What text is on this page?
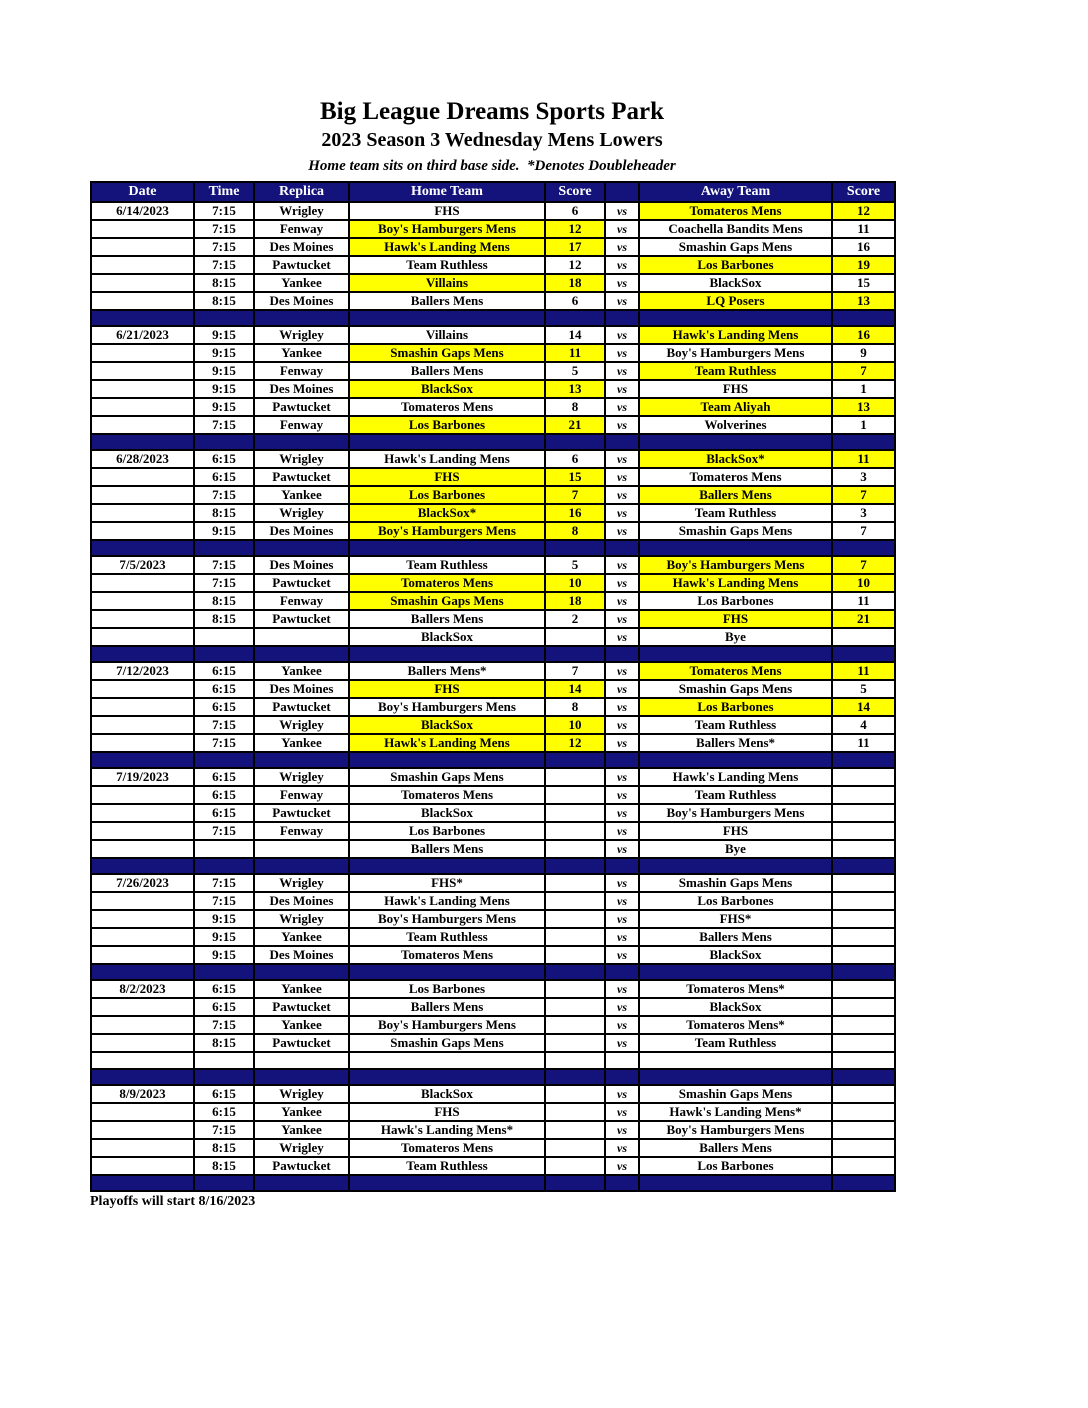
Big League Dreams Sports Park
2023 Season 3 Wednesday Mens Lowers
Home team sits on third base side.  *Denotes Doubleheader
Date	Time	Replica	Home Team	Score		Away Team	Score
6/14/2023	7:15	Wrigley	FHS	6	vs	Tomateros Mens	12
	7:15	Fenway	Boy's Hamburgers Mens	12	vs	Coachella Bandits Mens	11
	7:15	Des Moines	Hawk's Landing Mens	17	vs	Smashin Gaps Mens	16
	7:15	Pawtucket	Team Ruthless	12	vs	Los Barbones	19
	8:15	Yankee	Villains	18	vs	BlackSox	15
	8:15	Des Moines	Ballers Mens	6	vs	LQ Posers	13

6/21/2023	9:15	Wrigley	Villains	14	vs	Hawk's Landing Mens	16
	9:15	Yankee	Smashin Gaps Mens	11	vs	Boy's Hamburgers Mens	9
	9:15	Fenway	Ballers Mens	5	vs	Team Ruthless	7
	9:15	Des Moines	BlackSox	13	vs	FHS	1
	9:15	Pawtucket	Tomateros Mens	8	vs	Team Aliyah	13
	7:15	Fenway	Los Barbones	21	vs	Wolverines	1

6/28/2023	6:15	Wrigley	Hawk's Landing Mens	6	vs	BlackSox*	11
	6:15	Pawtucket	FHS	15	vs	Tomateros Mens	3
	7:15	Yankee	Los Barbones	7	vs	Ballers Mens	7
	8:15	Wrigley	BlackSox*	16	vs	Team Ruthless	3
	9:15	Des Moines	Boy's Hamburgers Mens	8	vs	Smashin Gaps Mens	7

7/5/2023	7:15	Des Moines	Team Ruthless	5	vs	Boy's Hamburgers Mens	7
	7:15	Pawtucket	Tomateros Mens	10	vs	Hawk's Landing Mens	10
	8:15	Fenway	Smashin Gaps Mens	18	vs	Los Barbones	11
	8:15	Pawtucket	Ballers Mens	2	vs	FHS	21
			BlackSox		vs	Bye	

7/12/2023	6:15	Yankee	Ballers Mens*	7	vs	Tomateros Mens	11
	6:15	Des Moines	FHS	14	vs	Smashin Gaps Mens	5
	6:15	Pawtucket	Boy's Hamburgers Mens	8	vs	Los Barbones	14
	7:15	Wrigley	BlackSox	10	vs	Team Ruthless	4
	7:15	Yankee	Hawk's Landing Mens	12	vs	Ballers Mens*	11

7/19/2023	6:15	Wrigley	Smashin Gaps Mens		vs	Hawk's Landing Mens	
	6:15	Fenway	Tomateros Mens		vs	Team Ruthless	
	6:15	Pawtucket	BlackSox		vs	Boy's Hamburgers Mens	
	7:15	Fenway	Los Barbones		vs	FHS	
			Ballers Mens		vs	Bye	

7/26/2023	7:15	Wrigley	FHS*		vs	Smashin Gaps Mens	
	7:15	Des Moines	Hawk's Landing Mens		vs	Los Barbones	
	9:15	Wrigley	Boy's Hamburgers Mens		vs	FHS*	
	9:15	Yankee	Team Ruthless		vs	Ballers Mens	
	9:15	Des Moines	Tomateros Mens		vs	BlackSox	

8/2/2023	6:15	Yankee	Los Barbones		vs	Tomateros Mens*	
	6:15	Pawtucket	Ballers Mens		vs	BlackSox	
	7:15	Yankee	Boy's Hamburgers Mens		vs	Tomateros Mens*	
	8:15	Pawtucket	Smashin Gaps Mens		vs	Team Ruthless	

8/9/2023	6:15	Wrigley	BlackSox		vs	Smashin Gaps Mens	
	6:15	Yankee	FHS		vs	Hawk's Landing Mens*	
	7:15	Yankee	Hawk's Landing Mens*		vs	Boy's Hamburgers Mens	
	8:15	Wrigley	Tomateros Mens		vs	Ballers Mens	
	8:15	Pawtucket	Team Ruthless		vs	Los Barbones	

Playoffs will start 8/16/2023
